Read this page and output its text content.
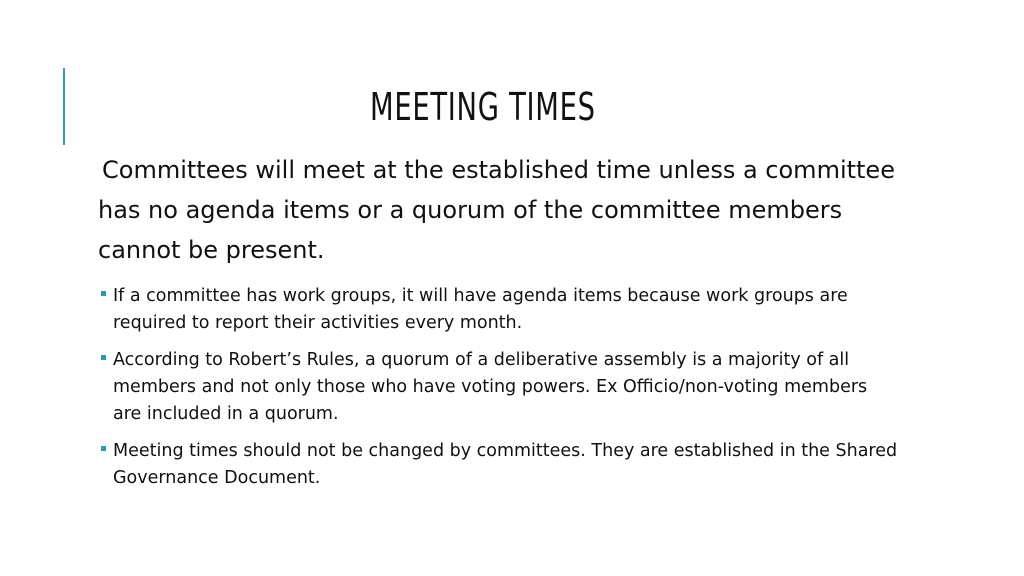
MEETING TIMES

Committees will meet at the established time unless a committee has no agenda items or a quorum of the committee members cannot be present.

If a committee has work groups, it will have agenda items because work groups are required to report their activities every month.
According to Robert’s Rules, a quorum of a deliberative assembly is a majority of all members and not only those who have voting powers. Ex Officio/non-voting members are included in a quorum.
Meeting times should not be changed by committees. They are established in the Shared Governance Document.
